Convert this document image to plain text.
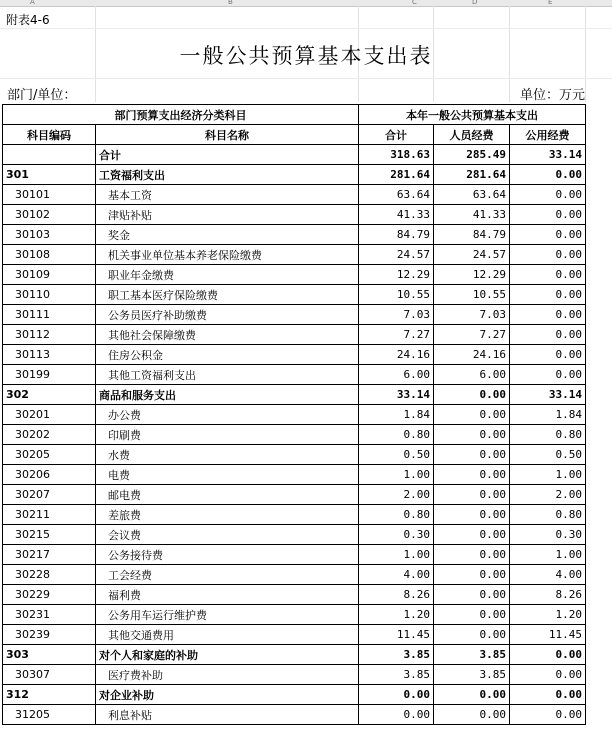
A	B	C	D	E
附表4-6
一般公共预算基本支出表
部门/单位：	单位：万元
部门预算支出经济分类科目		本年一般公共预算基本支出		
科目编码	科目名称	合计	人员经费	公用经费
	合计	318.63	285.49	33.14
301	工资福利支出	281.64	281.64	0.00
30101	基本工资	63.64	63.64	0.00
30102	津贴补贴	41.33	41.33	0.00
30103	奖金	84.79	84.79	0.00
30108	机关事业单位基本养老保险缴费	24.57	24.57	0.00
30109	职业年金缴费	12.29	12.29	0.00
30110	职工基本医疗保险缴费	10.55	10.55	0.00
30111	公务员医疗补助缴费	7.03	7.03	0.00
30112	其他社会保障缴费	7.27	7.27	0.00
30113	住房公积金	24.16	24.16	0.00
30199	其他工资福利支出	6.00	6.00	0.00
302	商品和服务支出	33.14	0.00	33.14
30201	办公费	1.84	0.00	1.84
30202	印刷费	0.80	0.00	0.80
30205	水费	0.50	0.00	0.50
30206	电费	1.00	0.00	1.00
30207	邮电费	2.00	0.00	2.00
30211	差旅费	0.80	0.00	0.80
30215	会议费	0.30	0.00	0.30
30217	公务接待费	1.00	0.00	1.00
30228	工会经费	4.00	0.00	4.00
30229	福利费	8.26	0.00	8.26
30231	公务用车运行维护费	1.20	0.00	1.20
30239	其他交通费用	11.45	0.00	11.45
303	对个人和家庭的补助	3.85	3.85	0.00
30307	医疗费补助	3.85	3.85	0.00
312	对企业补助	0.00	0.00	0.00
31205	利息补贴	0.00	0.00	0.00
